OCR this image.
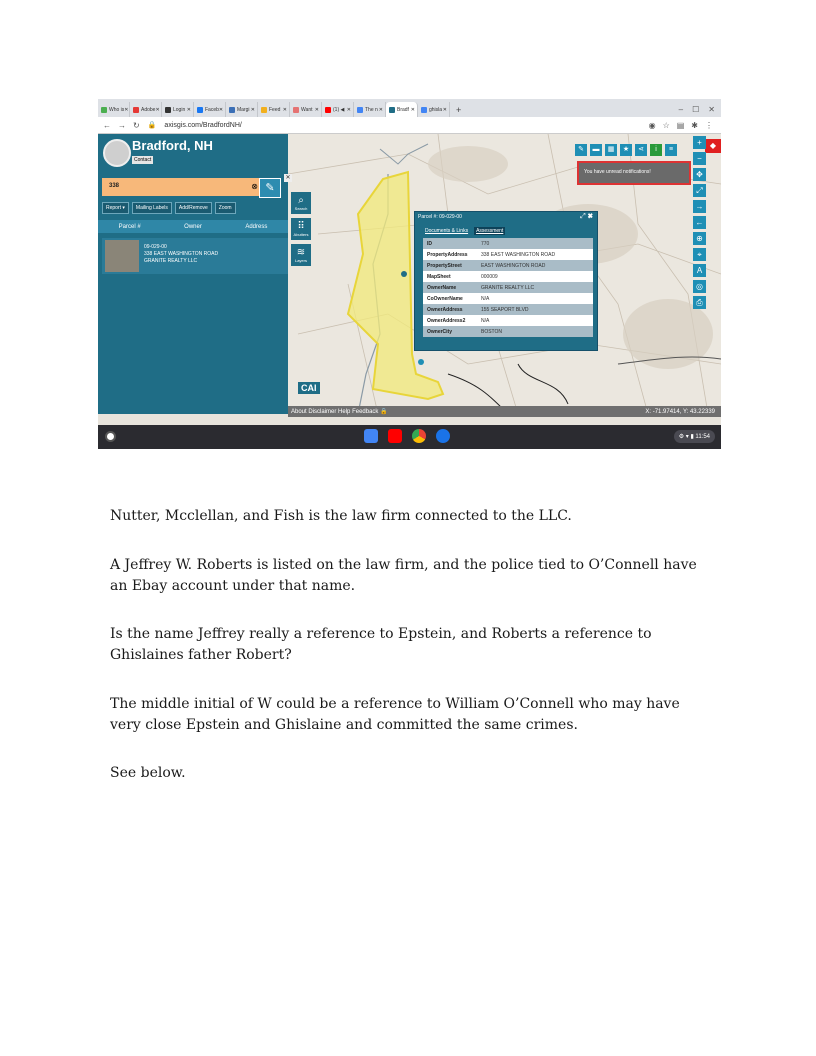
Who is ✕	Adobe ✕	Login ✕	Faceb ✕	Margi ✕	Feed ✕	Want ✕	(1) ◀ ✕	The n ✕	Bradf ✕	ghisla ✕	+	– ☐ ✕
← → ↻ 🔒 axisgis.com/BradfordNH/	◉ ☆ ▤ ✱ ⋮
Bradford, NH
Contact
338	⊗ ✎
✕
Report ▾	Mailing Labels	Add/Remove	Zoom
Parcel #	Owner	Address
09-029-00
338 EAST WASHINGTON ROAD
GRANITE REALTY LLC
⌕
Search
⠿
Abutters
≋
Layers
✎	▬	▦	★	⋖	i	≡	◆
You have unread notifications!
+
−
✥
⤢
→
←
⊕
⌖
A
◎
⎙
Parcel #: 09-029-00	⤢ ✖
Documents & Links	Assessment
ID	770
PropertyAddress	338 EAST WASHINGTON ROAD
PropertyStreet	EAST WASHINGTON ROAD
MapSheet	000009
OwnerName	GRANITE REALTY LLC
CoOwnerName	N/A
OwnerAddress	155 SEAPORT BLVD
OwnerAddress2	N/A
OwnerCity	BOSTON
CAI
About
Disclaimer
Help
Feedback
🔒	X: -71.97414, Y: 43.22339
⚙ ▾ ▮ 11:54

Nutter, Mcclellan, and Fish is the law firm connected to the LLC.

A Jeffrey W. Roberts is listed on the law firm, and the police tied to O’Connell have an Ebay account under that name.

Is the name Jeffrey really a reference to Epstein, and Roberts a reference to Ghislaines father Robert?

The middle initial of W could be a reference to William O’Connell who may have very close Epstein and Ghislaine and committed the same crimes.

See below.
